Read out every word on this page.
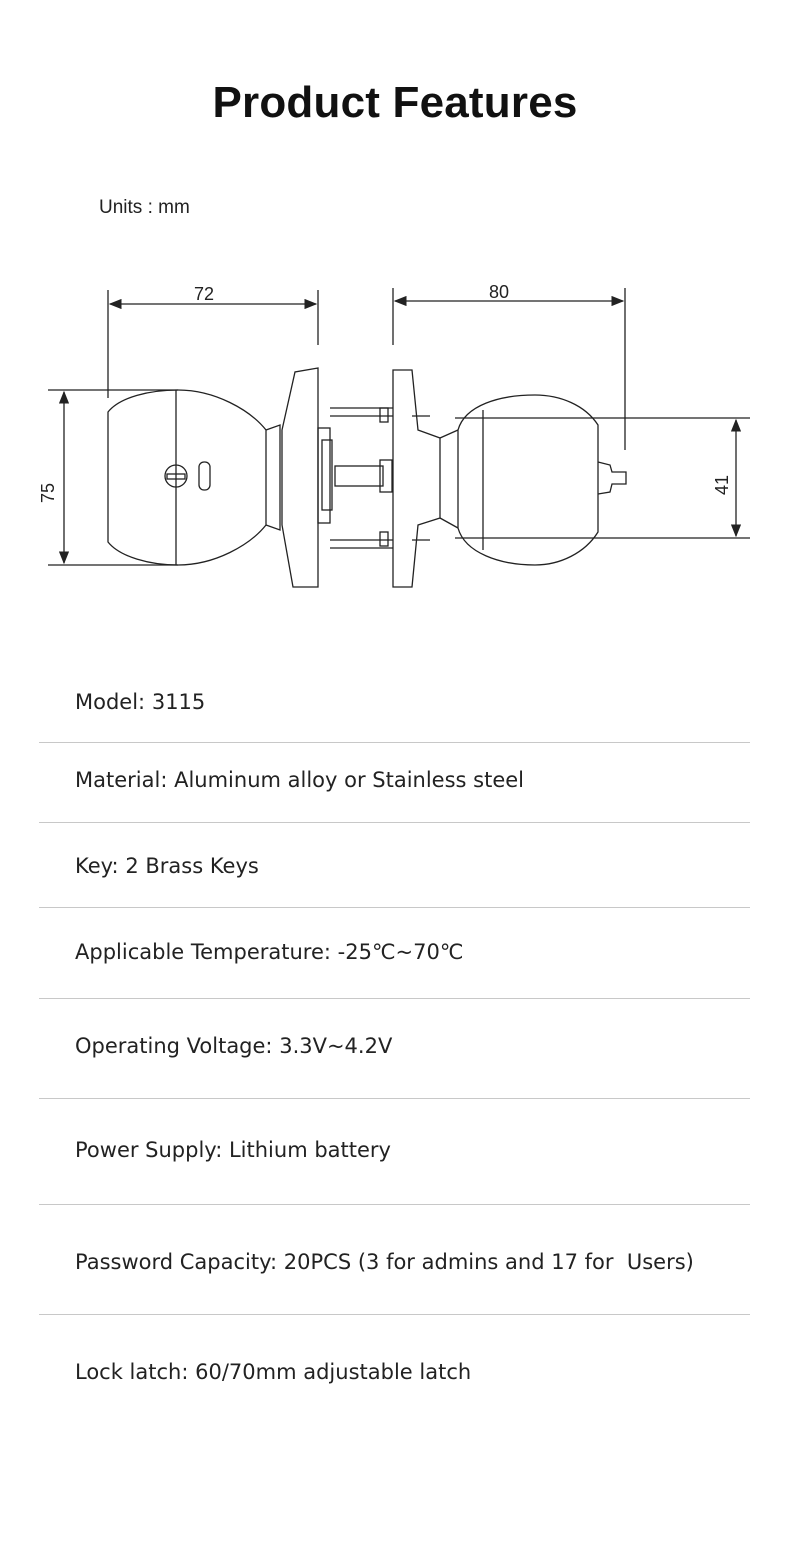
Product Features
Units : mm
72	80
75	41
Model: 3115
Material: Aluminum alloy or Stainless steel
Key: 2 Brass Keys
Applicable Temperature: -25℃~70℃
Operating Voltage: 3.3V~4.2V
Power Supply: Lithium battery
Password Capacity: 20PCS (3 for admins and 17 for  Users)
Lock latch: 60/70mm adjustable latch
